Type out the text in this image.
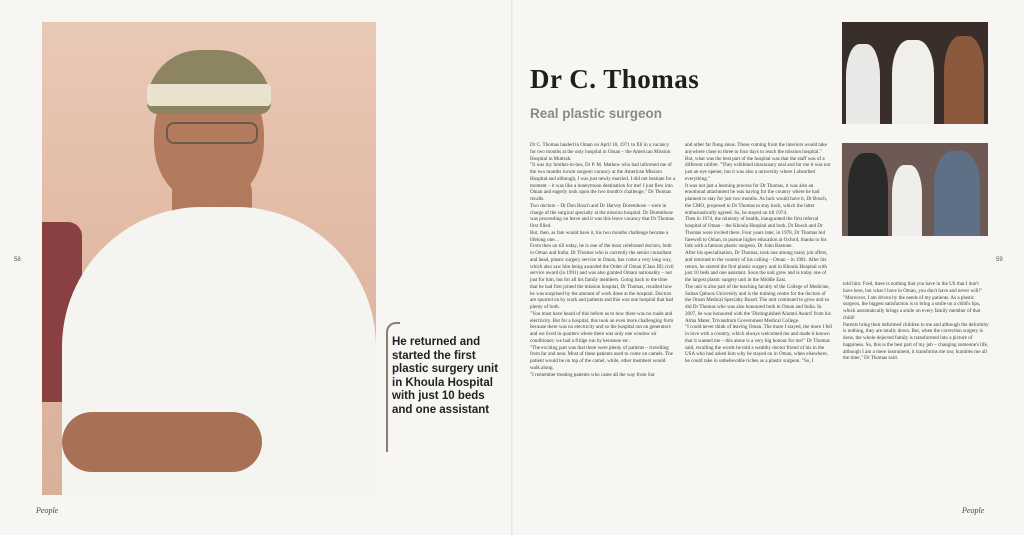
He returned and started the first plastic surgery unit in Khoula Hospital with just 10 beds and one assistant
58
People
Dr C. Thomas
Real plastic surgeon

Dr C. Thomas landed in Oman on April 18, 1971 to fill in a vacancy for two months at the only hospital in Oman – the American Mission Hospital in Muttrah.

"It was my brother-in-law, Dr P. M. Mathew who had informed me of the two months locum surgeon vacancy at the American Mission Hospital and although, I was just newly married, I did not hesitate for a moment – it was like a honeymoon destination for me! I just flew into Oman and eagerly took upon the two month's challenge," Dr Thomas recalls.

Two doctors – Dr Don Bosch and Dr Harvey Doremhose – were in charge of the surgical specialty at the mission hospital. Dr Doremhose was proceeding on leave and it was this leave vacancy that Dr Thomas first filled.

But, then, as fate would have it, his two months challenge became a lifelong one…

From then on till today, he is one of the most celebrated doctors, both in Oman and India. Dr Thomas who is currently the senior consultant and head, plastic surgery service in Oman, has come a very long way, which also saw him being awarded the Order of Oman (Class III) civil service award (in 1991) and was also granted Omani nationality – not just for him, but for all his family members. Going back to the time that he had first joined the mission hospital, Dr Thomas, recalled how he was surprised by the amount of work done at the hospital. Doctors are spurred on by work and patients and this was one hospital that had plenty of both.

"You must have heard of this before as to how there was no roads and electricity. But for a hospital, this took an even more challenging form because there was no electricity and so the hospital ran on generators and we lived in quarters where there was only one window air conditioner; we had a fridge run by kerosene etc.

"The exciting part was that there were plenty of patients – travelling from far and near. Most of these patients used to come on camels. The patient would be on top of the camel, while, other members would walk along.

"I remember treating patients who came all the way from Sur

and other far flung areas. Those coming from the interiors would take anywhere close to three to four days to reach the mission hospital."

But, what was the best part of the hospital was that the staff was of a different calibre. "They exhibited missionary zeal and for me it was not just an eye opener, but it was also a university where I absorbed everything."

It was not just a learning process for Dr Thomas, it was also an emotional attachment he was having for the country where he had planned to stay for just two months. As luck would have it, Dr Bosch, the CMO, proposed to Dr Thomas to stay back, which the latter enthusiastically agreed. So, he stayed on till 1974.

Then in 1974, the ministry of health, inaugurated the first referral hospital of Oman – the Khoula Hospital and both, Dr Bosch and Dr Thomas were invited there. Four years later, in 1978, Dr Thomas bid farewell to Oman, to pursue higher education at Oxford, thanks to his link with a famous plastic surgeon, Dr John Bastone.

After his specialisation, Dr Thomas, took one among many job offers, and returned to the country of his calling – Oman – in 1981. After his return, he started the first plastic surgery unit in Khoula Hospital with just 10 beds and one assistant. Soon the unit grew and is today one of the largest plastic surgery unit in the Middle East.

The unit is also part of the teaching faculty of the College of Medicine, Sultan Qaboos University and is the training centre for the doctors of the Oman Medical Specialty Board. The unit continued to grow and so did Dr Thomas who was also honoured both in Oman and India. In 2007, he was honoured with the 'Distinguished Alumni Award' from his Alma Mater, Trivandrum Government Medical College.

"I could never think of leaving Oman. The more I stayed, the more I fell in love with a country, which always welcomed me and made it known that it wanted me – this alone is a very big honour for me!" Dr Thomas said, recalling the words he told a wealthy doctor friend of his in the USA who had asked him why he stayed on in Oman, when elsewhere, he could rake in unbelievable riches as a plastic surgeon. "So, I

told him: Fred, there is nothing that you have in the US that I don't have here, but what I have in Oman, you don't have and never will!"

"Moreover, I am driven by the needs of my patients. As a plastic surgeon, the biggest satisfaction is to bring a smile on a child's lips, which automatically brings a smile on every family member of that child!

Parents bring their deformed children to me and although the deformity is nothing, they are totally down. But, when the correction surgery is done, the whole dejected family is transformed into a picture of happiness. So, this is the best part of my job – changing someone's life, although I am a mere instrument, it transforms me too; humbles me all the time," Dr Thomas said.

59
People
